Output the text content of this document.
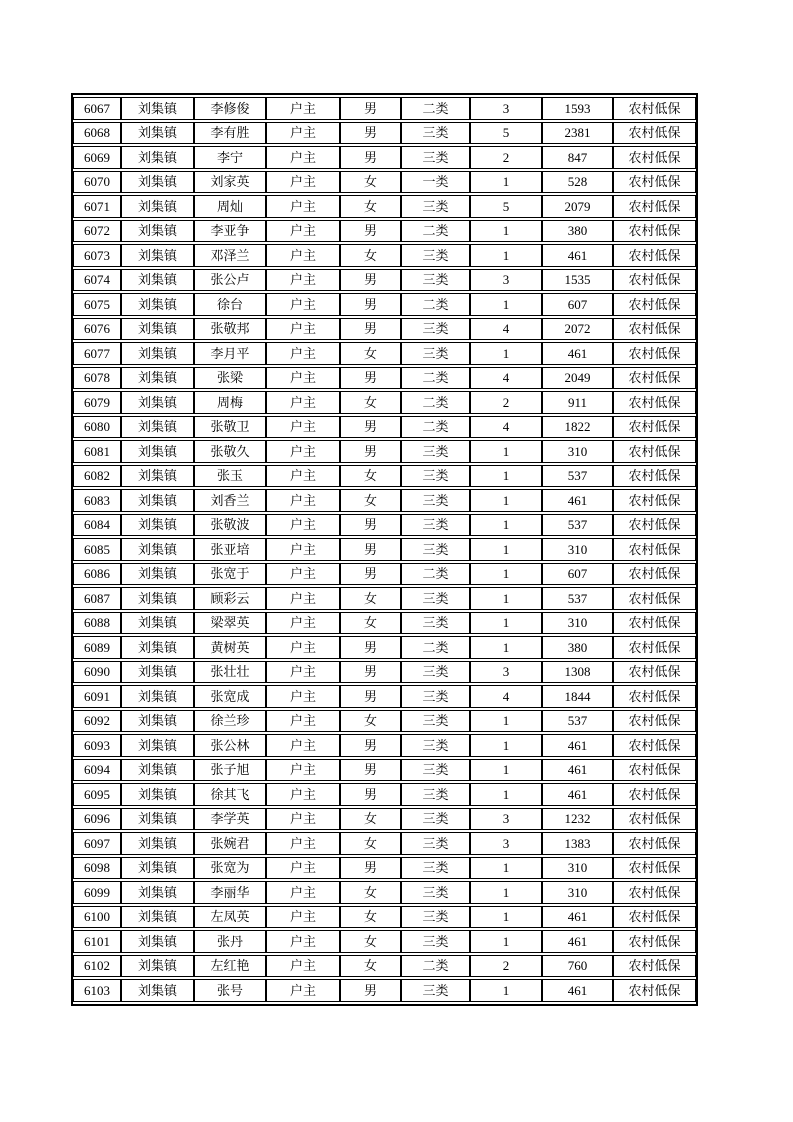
6067	刘集镇	李修俊	户主	男	二类	3	1593	农村低保
6068	刘集镇	李有胜	户主	男	三类	5	2381	农村低保
6069	刘集镇	李宁	户主	男	三类	2	847	农村低保
6070	刘集镇	刘家英	户主	女	一类	1	528	农村低保
6071	刘集镇	周灿	户主	女	三类	5	2079	农村低保
6072	刘集镇	李亚争	户主	男	二类	1	380	农村低保
6073	刘集镇	邓泽兰	户主	女	三类	1	461	农村低保
6074	刘集镇	张公卢	户主	男	三类	3	1535	农村低保
6075	刘集镇	徐台	户主	男	二类	1	607	农村低保
6076	刘集镇	张敬邦	户主	男	三类	4	2072	农村低保
6077	刘集镇	李月平	户主	女	三类	1	461	农村低保
6078	刘集镇	张梁	户主	男	二类	4	2049	农村低保
6079	刘集镇	周梅	户主	女	二类	2	911	农村低保
6080	刘集镇	张敬卫	户主	男	二类	4	1822	农村低保
6081	刘集镇	张敬久	户主	男	三类	1	310	农村低保
6082	刘集镇	张玉	户主	女	三类	1	537	农村低保
6083	刘集镇	刘香兰	户主	女	三类	1	461	农村低保
6084	刘集镇	张敬波	户主	男	三类	1	537	农村低保
6085	刘集镇	张亚培	户主	男	三类	1	310	农村低保
6086	刘集镇	张宽于	户主	男	二类	1	607	农村低保
6087	刘集镇	顾彩云	户主	女	三类	1	537	农村低保
6088	刘集镇	梁翠英	户主	女	三类	1	310	农村低保
6089	刘集镇	黄树英	户主	男	二类	1	380	农村低保
6090	刘集镇	张壮壮	户主	男	三类	3	1308	农村低保
6091	刘集镇	张宽成	户主	男	三类	4	1844	农村低保
6092	刘集镇	徐兰珍	户主	女	三类	1	537	农村低保
6093	刘集镇	张公林	户主	男	三类	1	461	农村低保
6094	刘集镇	张子旭	户主	男	三类	1	461	农村低保
6095	刘集镇	徐其飞	户主	男	三类	1	461	农村低保
6096	刘集镇	李学英	户主	女	三类	3	1232	农村低保
6097	刘集镇	张婉君	户主	女	三类	3	1383	农村低保
6098	刘集镇	张宽为	户主	男	三类	1	310	农村低保
6099	刘集镇	李丽华	户主	女	三类	1	310	农村低保
6100	刘集镇	左凤英	户主	女	三类	1	461	农村低保
6101	刘集镇	张丹	户主	女	三类	1	461	农村低保
6102	刘集镇	左红艳	户主	女	二类	2	760	农村低保
6103	刘集镇	张号	户主	男	三类	1	461	农村低保
